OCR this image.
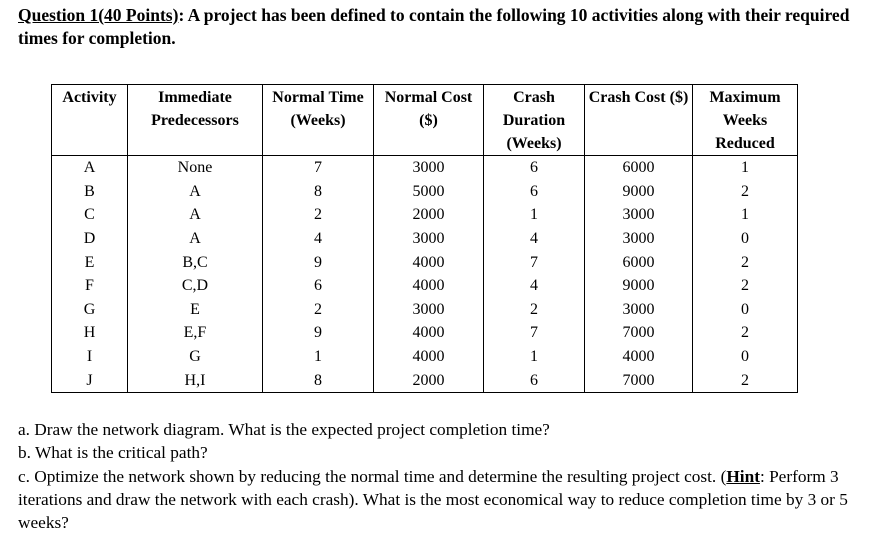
Question 1(40 Points): A project has been defined to contain the following 10 activities along with their required times for completion.
Activity	Immediate Predecessors	Normal Time (Weeks)	Normal Cost ($)	Crash Duration (Weeks)	Crash Cost ($)	Maximum Weeks Reduced
A	None	7	3000	6	6000	1
B	A	8	5000	6	9000	2
C	A	2	2000	1	3000	1
D	A	4	3000	4	3000	0
E	B,C	9	4000	7	6000	2
F	C,D	6	4000	4	9000	2
G	E	2	3000	2	3000	0
H	E,F	9	4000	7	7000	2
I	G	1	4000	1	4000	0
J	H,I	8	2000	6	7000	2

a. Draw the network diagram. What is the expected project completion time?

b. What is the critical path?

c. Optimize the network shown by reducing the normal time and determine the resulting project cost. (Hint: Perform 3 iterations and draw the network with each crash). What is the most economical way to reduce completion time by 3 or 5 weeks?
